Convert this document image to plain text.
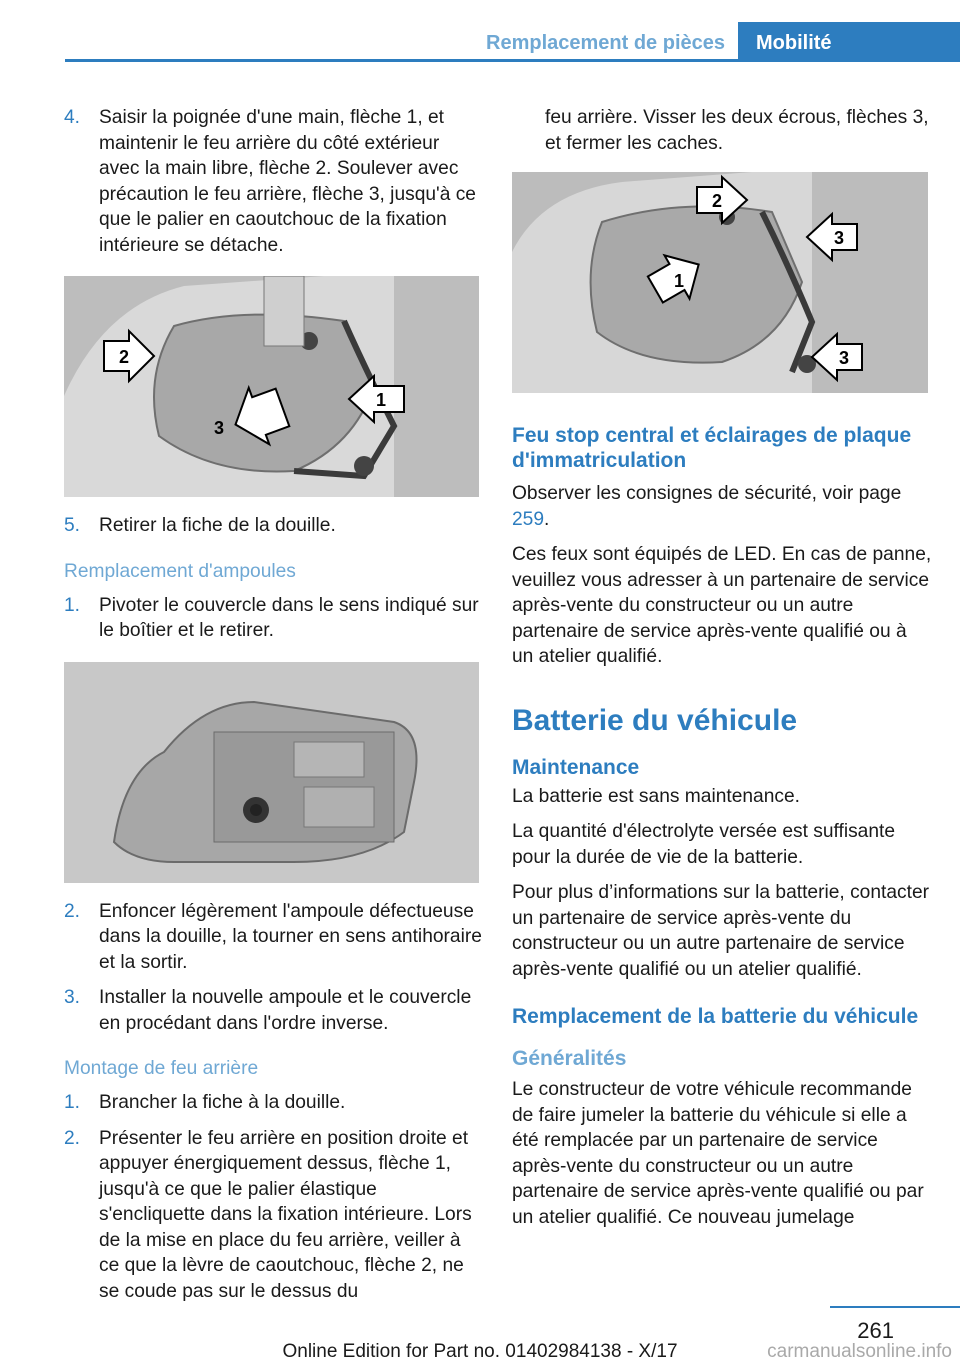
Remplacement de pièces	Mobilité
4. Saisir la poignée d'une main, flèche 1, et maintenir le feu arrière du côté extérieur avec la main libre, flèche 2. Soulever avec précaution le feu arrière, flèche 3, jusqu'à ce que le palier en caoutchouc de la fixation intérieure se détache.
2
1
3
5. Retirer la fiche de la douille.
Remplacement d'ampoules
1. Pivoter le couvercle dans le sens indiqué sur le boîtier et le retirer.
2. Enfoncer légèrement l'ampoule défectueuse dans la douille, la tourner en sens antihoraire et la sortir.
3. Installer la nouvelle ampoule et le couvercle en procédant dans l'ordre inverse.
Montage de feu arrière
1. Brancher la fiche à la douille.
2. Présenter le feu arrière en position droite et appuyer énergiquement dessus, flèche 1, jusqu'à ce que le palier élastique s'encliquette dans la fixation intérieure. Lors de la mise en place du feu arrière, veiller à ce que la lèvre de caoutchouc, flèche 2, ne se coude pas sur le dessus du
feu arrière. Visser les deux écrous, flèches 3, et fermer les caches.
2
3
1
3
Feu stop central et éclairages de plaque d'immatriculation
Observer les consignes de sécurité, voir page 259.
Ces feux sont équipés de LED. En cas de panne, veuillez vous adresser à un partenaire de service après-vente du constructeur ou un autre partenaire de service après-vente qualifié ou à un atelier qualifié.
Batterie du véhicule
Maintenance
La batterie est sans maintenance.
La quantité d'électrolyte versée est suffisante pour la durée de vie de la batterie.
Pour plus d’informations sur la batterie, contacter un partenaire de service après-vente du constructeur ou un autre partenaire de service après-vente qualifié ou un atelier qualifié.
Remplacement de la batterie du véhicule
Généralités
Le constructeur de votre véhicule recommande de faire jumeler la batterie du véhicule si elle a été remplacée par un partenaire de service après-vente du constructeur ou un autre partenaire de service après-vente qualifié ou par un atelier qualifié. Ce nouveau jumelage
261
Online Edition for Part no. 01402984138 - X/17	carmanualsonline.info
